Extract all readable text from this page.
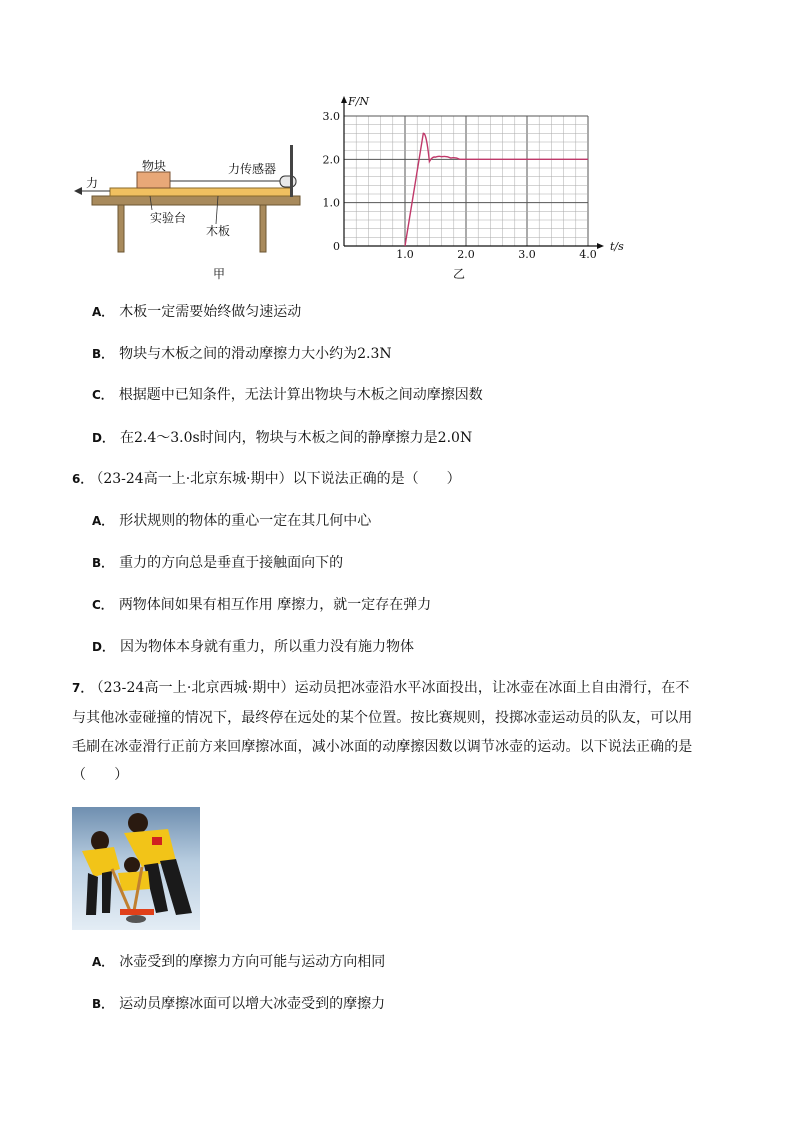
物块	力传感器
力
实验台
木板
甲
F/N
t/s
0
1.0	2.0	3.0	4.0
1.0
2.0
3.0
乙
A． 木板一定需要始终做匀速运动
B． 物块与木板之间的滑动摩擦力大小约为2.3N
C． 根据题中已知条件，无法计算出物块与木板之间动摩擦因数
D． 在2.4～3.0s时间内，物块与木板之间的静摩擦力是2.0N
6． （23-24高一上·北京东城·期中）以下说法正确的是（　　）
A． 形状规则的物体的重心一定在其几何中心
B． 重力的方向总是垂直于接触面向下的
C． 两物体间如果有相互作用 摩擦力，就一定存在弹力
D． 因为物体本身就有重力，所以重力没有施力物体
7． （23-24高一上·北京西城·期中）运动员把冰壶沿水平冰面投出，让冰壶在冰面上自由滑行，在不
与其他冰壶碰撞的情况下，最终停在远处的某个位置。按比赛规则，投掷冰壶运动员的队友，可以用
毛刷在冰壶滑行正前方来回摩擦冰面，减小冰面的动摩擦因数以调节冰壶的运动。以下说法正确的是
（　　）
A． 冰壶受到的摩擦力方向可能与运动方向相同
B． 运动员摩擦冰面可以增大冰壶受到的摩擦力
